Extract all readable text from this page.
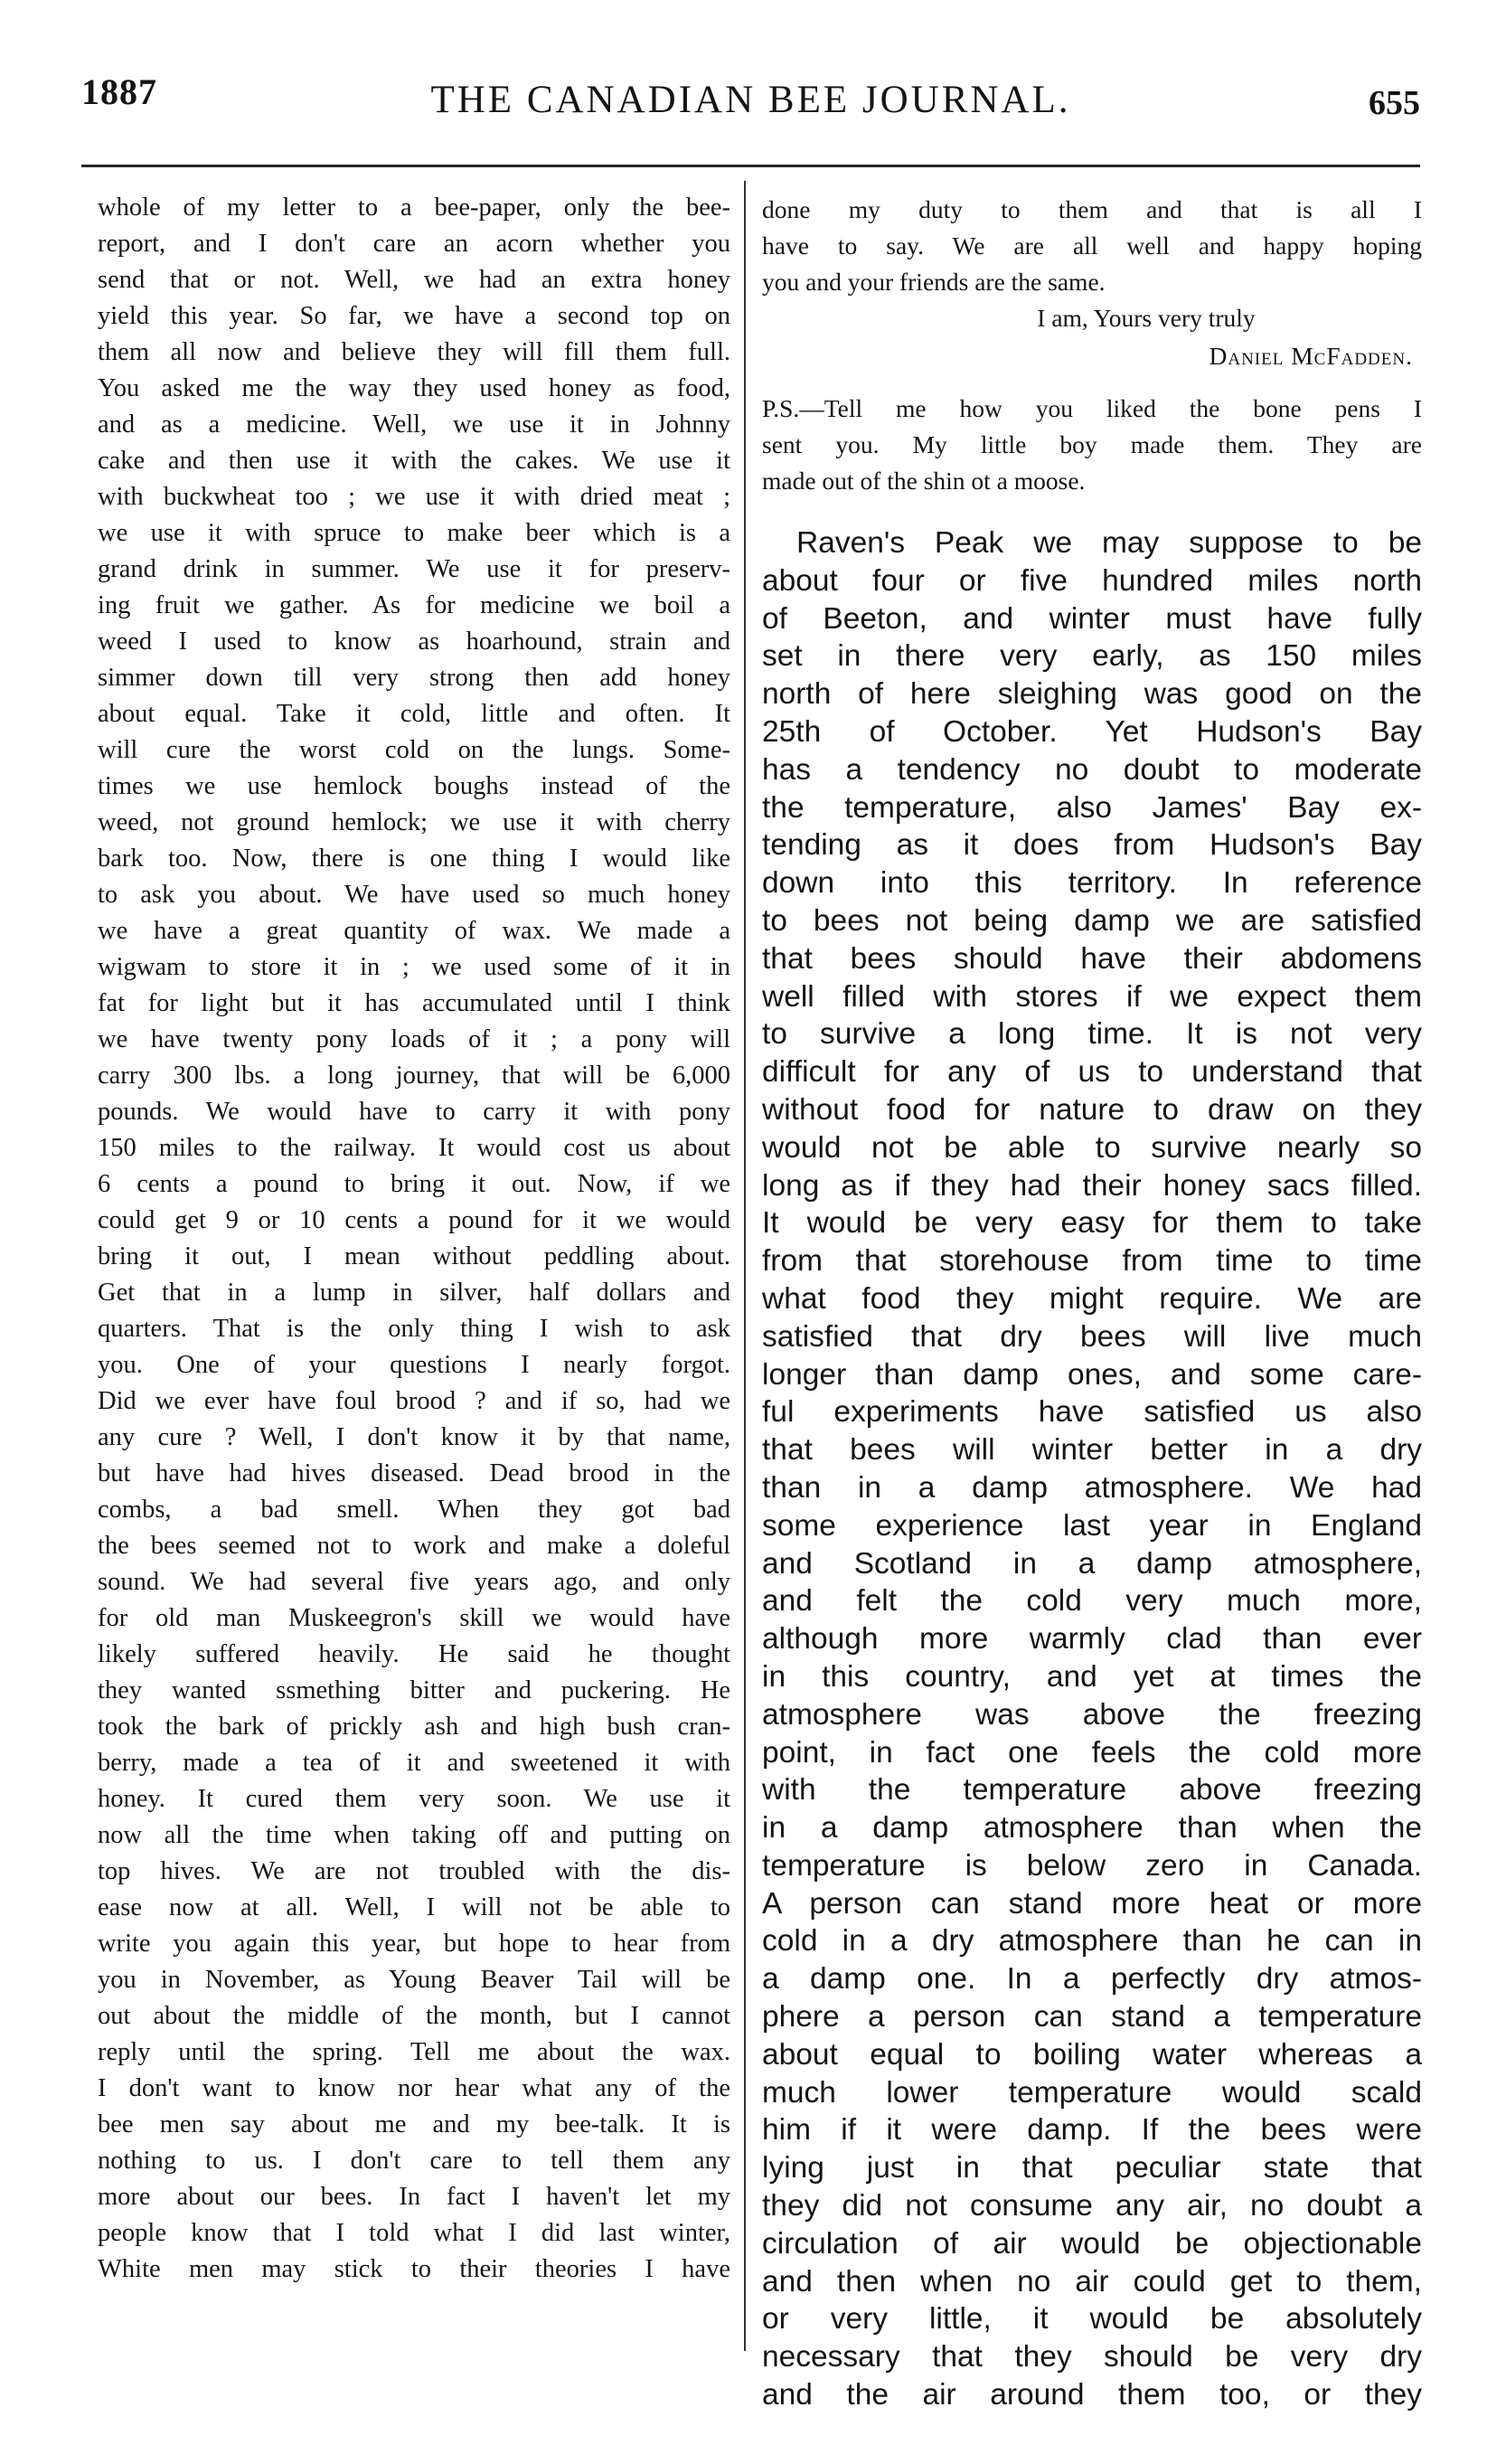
1887	THE CANADIAN BEE JOURNAL.	655
whole of my letter to a bee-paper, only the bee-
report, and I don't care an acorn whether you
send that or not. Well, we had an extra honey
yield this year. So far, we have a second top on
them all now and believe they will fill them full.
You asked me the way they used honey as food,
and as a medicine. Well, we use it in Johnny
cake and then use it with the cakes. We use it
with buckwheat too ; we use it with dried meat ;
we use it with spruce to make beer which is a
grand drink in summer. We use it for preserv-
ing fruit we gather. As for medicine we boil a
weed I used to know as hoarhound, strain and
simmer down till very strong then add honey
about equal. Take it cold, little and often. It
will cure the worst cold on the lungs. Some-
times we use hemlock boughs instead of the
weed, not ground hemlock; we use it with cherry
bark too. Now, there is one thing I would like
to ask you about. We have used so much honey
we have a great quantity of wax. We made a
wigwam to store it in ; we used some of it in
fat for light but it has accumulated until I think
we have twenty pony loads of it ; a pony will
carry 300 lbs. a long journey, that will be 6,000
pounds. We would have to carry it with pony
150 miles to the railway. It would cost us about
6 cents a pound to bring it out. Now, if we
could get 9 or 10 cents a pound for it we would
bring it out, I mean without peddling about.
Get that in a lump in silver, half dollars and
quarters. That is the only thing I wish to ask
you. One of your questions I nearly forgot.
Did we ever have foul brood ? and if so, had we
any cure ? Well, I don't know it by that name,
but have had hives diseased. Dead brood in the
combs, a bad smell. When they got bad
the bees seemed not to work and make a doleful
sound. We had several five years ago, and only
for old man Muskeegron's skill we would have
likely suffered heavily. He said he thought
they wanted ssmething bitter and puckering. He
took the bark of prickly ash and high bush cran-
berry, made a tea of it and sweetened it with
honey. It cured them very soon. We use it
now all the time when taking off and putting on
top hives. We are not troubled with the dis-
ease now at all. Well, I will not be able to
write you again this year, but hope to hear from
you in November, as Young Beaver Tail will be
out about the middle of the month, but I cannot
reply until the spring. Tell me about the wax.
I don't want to know nor hear what any of the
bee men say about me and my bee-talk. It is
nothing to us. I don't care to tell them any
more about our bees. In fact I haven't let my
people know that I told what I did last winter,
White men may stick to their theories I have
done my duty to them and that is all I
have to say. We are all well and happy hoping
you and your friends are the same.
I am, Yours very truly
Daniel McFadden.
P.S.—Tell me how you liked the bone pens I
sent you. My little boy made them. They are
made out of the shin ot a moose.
Raven's Peak we may suppose to be
about four or five hundred miles north
of Beeton, and winter must have fully
set in there very early, as 150 miles
north of here sleighing was good on the
25th of October. Yet Hudson's Bay
has a tendency no doubt to moderate
the temperature, also James' Bay ex-
tending as it does from Hudson's Bay
down into this territory. In reference
to bees not being damp we are satisfied
that bees should have their abdomens
well filled with stores if we expect them
to survive a long time. It is not very
difficult for any of us to understand that
without food for nature to draw on they
would not be able to survive nearly so
long as if they had their honey sacs filled.
It would be very easy for them to take
from that storehouse from time to time
what food they might require. We are
satisfied that dry bees will live much
longer than damp ones, and some care-
ful experiments have satisfied us also
that bees will winter better in a dry
than in a damp atmosphere. We had
some experience last year in England
and Scotland in a damp atmosphere,
and felt the cold very much more,
although more warmly clad than ever
in this country, and yet at times the
atmosphere was above the freezing
point, in fact one feels the cold more
with the temperature above freezing
in a damp atmosphere than when the
temperature is below zero in Canada.
A person can stand more heat or more
cold in a dry atmosphere than he can in
a damp one. In a perfectly dry atmos-
phere a person can stand a temperature
about equal to boiling water whereas a
much lower temperature would scald
him if it were damp. If the bees were
lying just in that peculiar state that
they did not consume any air, no doubt a
circulation of air would be objectionable
and then when no air could get to them,
or very little, it would be absolutely
necessary that they should be very dry
and the air around them too, or they
